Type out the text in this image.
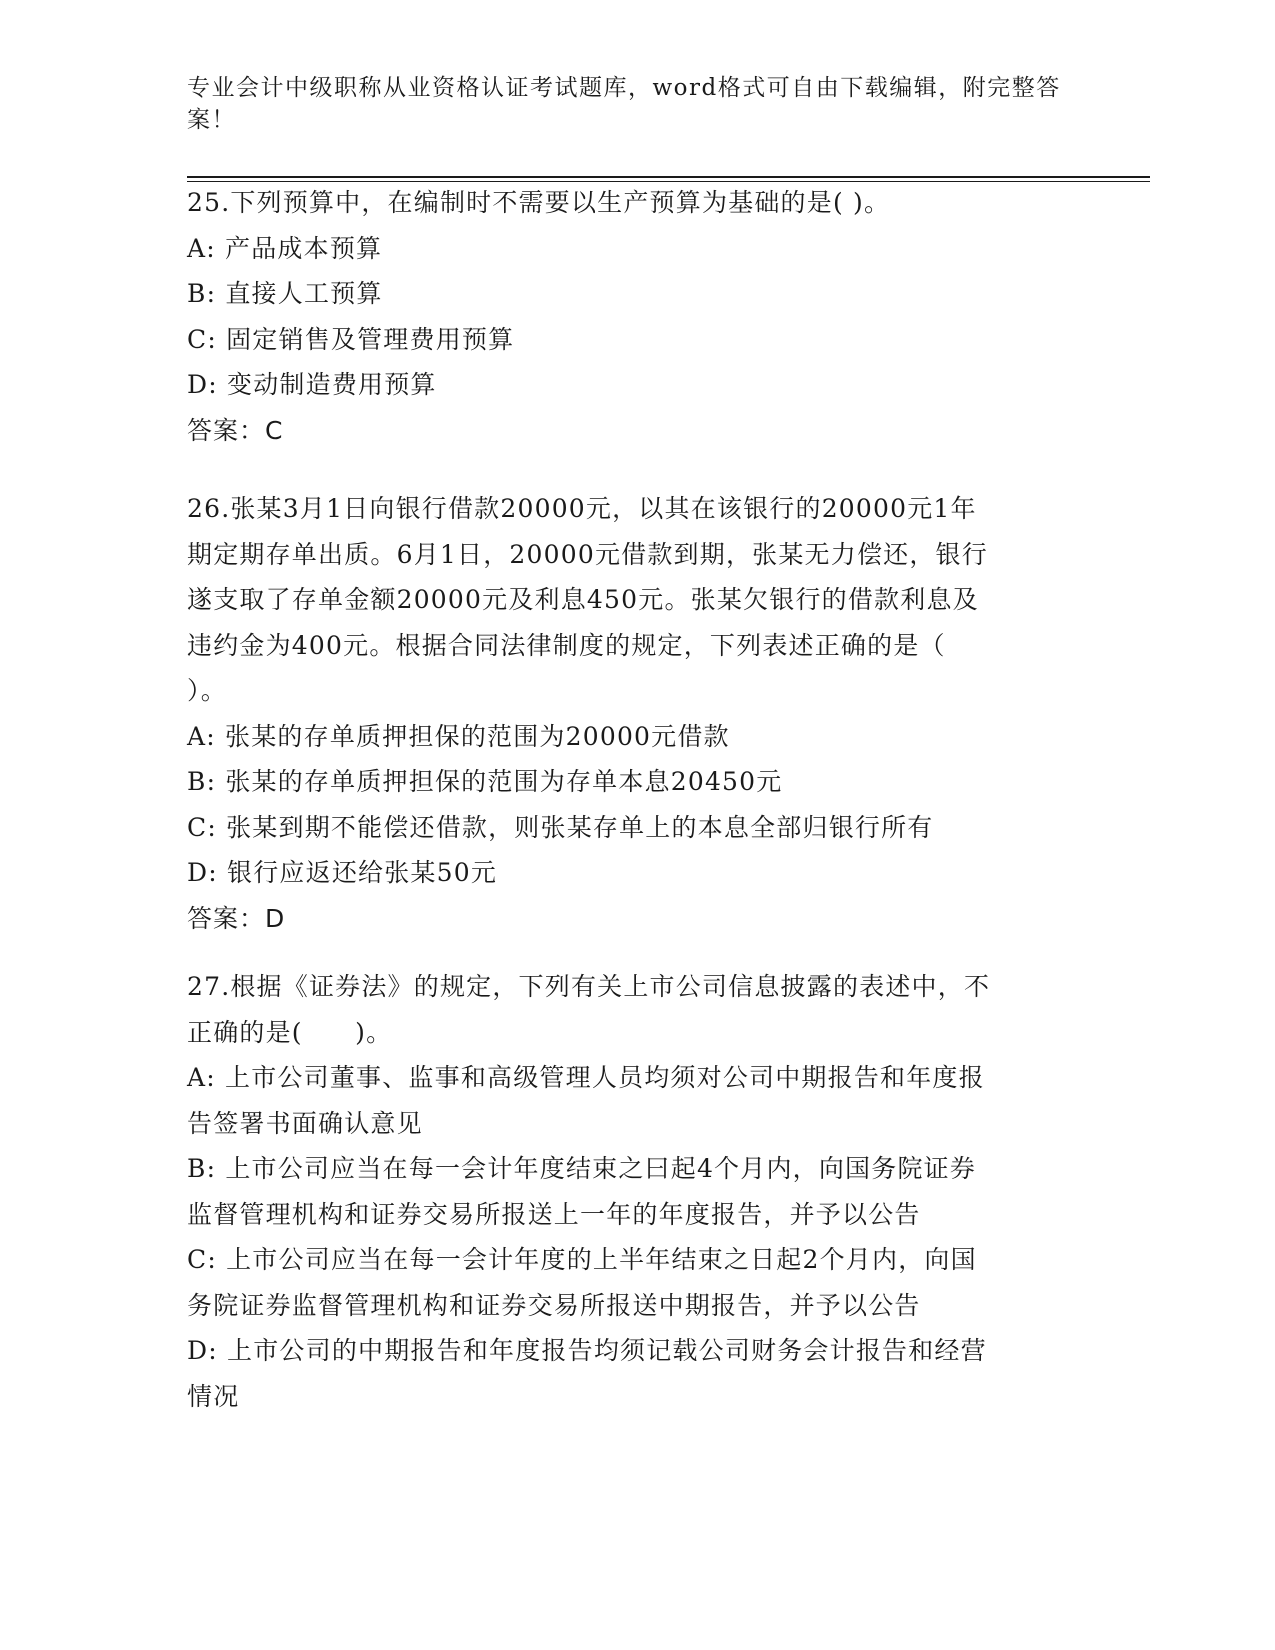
专业会计中级职称从业资格认证考试题库，word格式可自由下载编辑，附完整答
案！
25.下列预算中，在编制时不需要以生产预算为基础的是( )。
A: 产品成本预算
B: 直接人工预算
C: 固定销售及管理费用预算
D: 变动制造费用预算
答案：C
26.张某3月1日向银行借款20000元，以其在该银行的20000元1年
期定期存单出质。6月1日，20000元借款到期，张某无力偿还，银行
遂支取了存单金额20000元及利息450元。张某欠银行的借款利息及
违约金为400元。根据合同法律制度的规定，下列表述正确的是（
）。
A: 张某的存单质押担保的范围为20000元借款
B: 张某的存单质押担保的范围为存单本息20450元
C: 张某到期不能偿还借款，则张某存单上的本息全部归银行所有
D: 银行应返还给张某50元
答案：D
27.根据《证券法》的规定，下列有关上市公司信息披露的表述中，不
正确的是(　　)。
A: 上市公司董事、监事和高级管理人员均须对公司中期报告和年度报
告签署书面确认意见
B: 上市公司应当在每一会计年度结束之曰起4个月内，向国务院证券
监督管理机构和证券交易所报送上一年的年度报告，并予以公告
C: 上市公司应当在每一会计年度的上半年结束之日起2个月内，向国
务院证券监督管理机构和证券交易所报送中期报告，并予以公告
D: 上市公司的中期报告和年度报告均须记载公司财务会计报告和经营
情况
